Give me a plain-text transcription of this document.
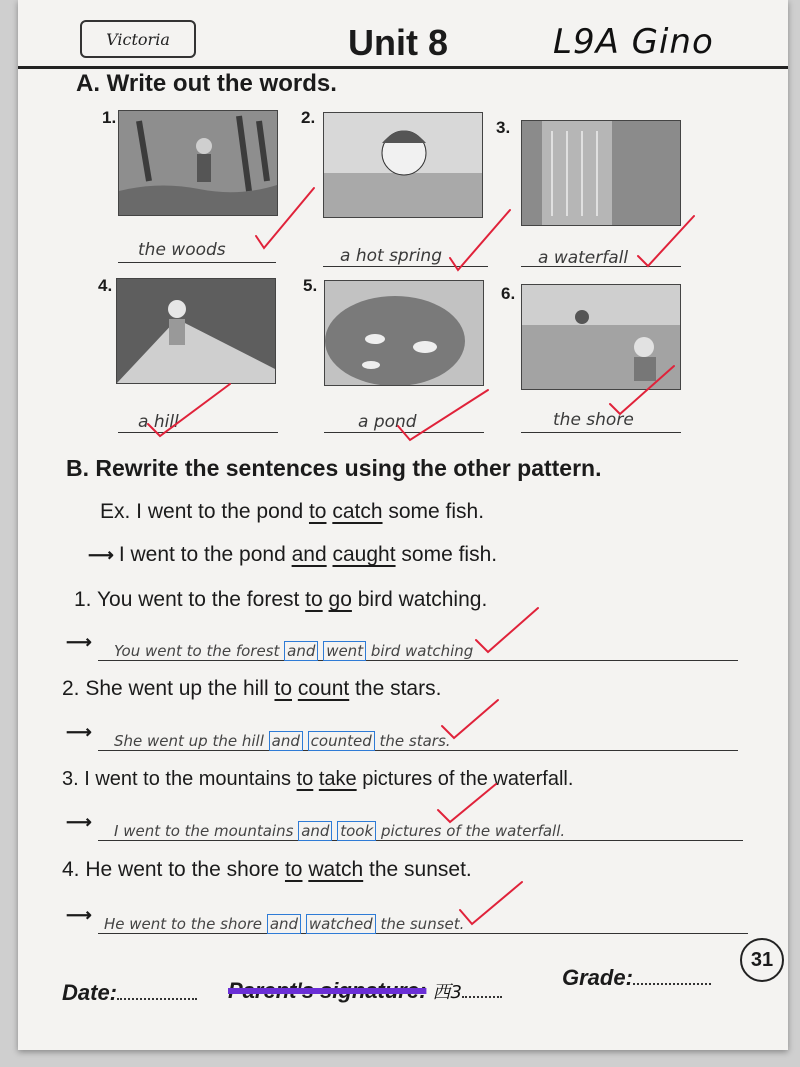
Victoria	Unit 8	L9A Gino
A. Write out the words.
1.	2.
3.
the woods	a hot spring	a waterfall
4.	5.	6.
a hill	a pond	the shore
B. Rewrite the sentences using the other pattern.
Ex. I went to the pond to catch some fish.
⟶ I went to the pond and caught some fish.
1. You went to the forest to go bird watching.
⟶ You went to the forest and went bird watching
2. She went up the hill to count the stars.
⟶ She went up the hill and counted the stars.
3. I went to the mountains to take pictures of the waterfall.
⟶ I went to the mountains and took pictures of the waterfall.
4. He went to the shore to watch the sunset.
⟶ He went to the shore and watched the sunset.
Date:	Parent's signature: 西3
Grade:
31
